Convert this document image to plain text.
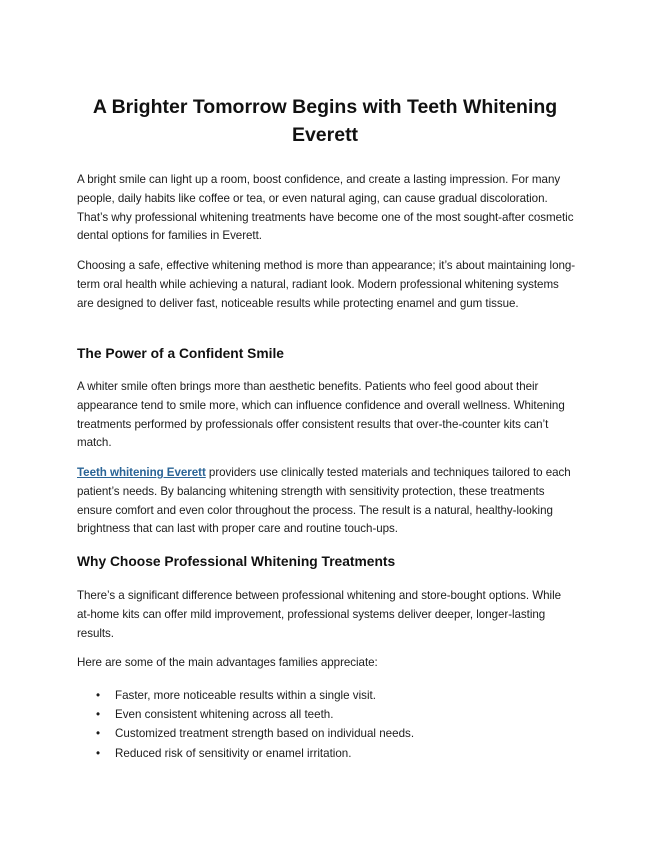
A Brighter Tomorrow Begins with Teeth Whitening Everett

A bright smile can light up a room, boost confidence, and create a lasting impression. For many people, daily habits like coffee or tea, or even natural aging, can cause gradual discoloration. That’s why professional whitening treatments have become one of the most sought-after cosmetic dental options for families in Everett.

Choosing a safe, effective whitening method is more than appearance; it’s about maintaining long-term oral health while achieving a natural, radiant look. Modern professional whitening systems are designed to deliver fast, noticeable results while protecting enamel and gum tissue.

The Power of a Confident Smile

A whiter smile often brings more than aesthetic benefits. Patients who feel good about their appearance tend to smile more, which can influence confidence and overall wellness. Whitening treatments performed by professionals offer consistent results that over-the-counter kits can’t match.

Teeth whitening Everett providers use clinically tested materials and techniques tailored to each patient’s needs. By balancing whitening strength with sensitivity protection, these treatments ensure comfort and even color throughout the process. The result is a natural, healthy-looking brightness that can last with proper care and routine touch-ups.

Why Choose Professional Whitening Treatments

There’s a significant difference between professional whitening and store-bought options. While at-home kits can offer mild improvement, professional systems deliver deeper, longer-lasting results.

Here are some of the main advantages families appreciate:

• Faster, more noticeable results within a single visit.
• Even consistent whitening across all teeth.
• Customized treatment strength based on individual needs.
• Reduced risk of sensitivity or enamel irritation.
